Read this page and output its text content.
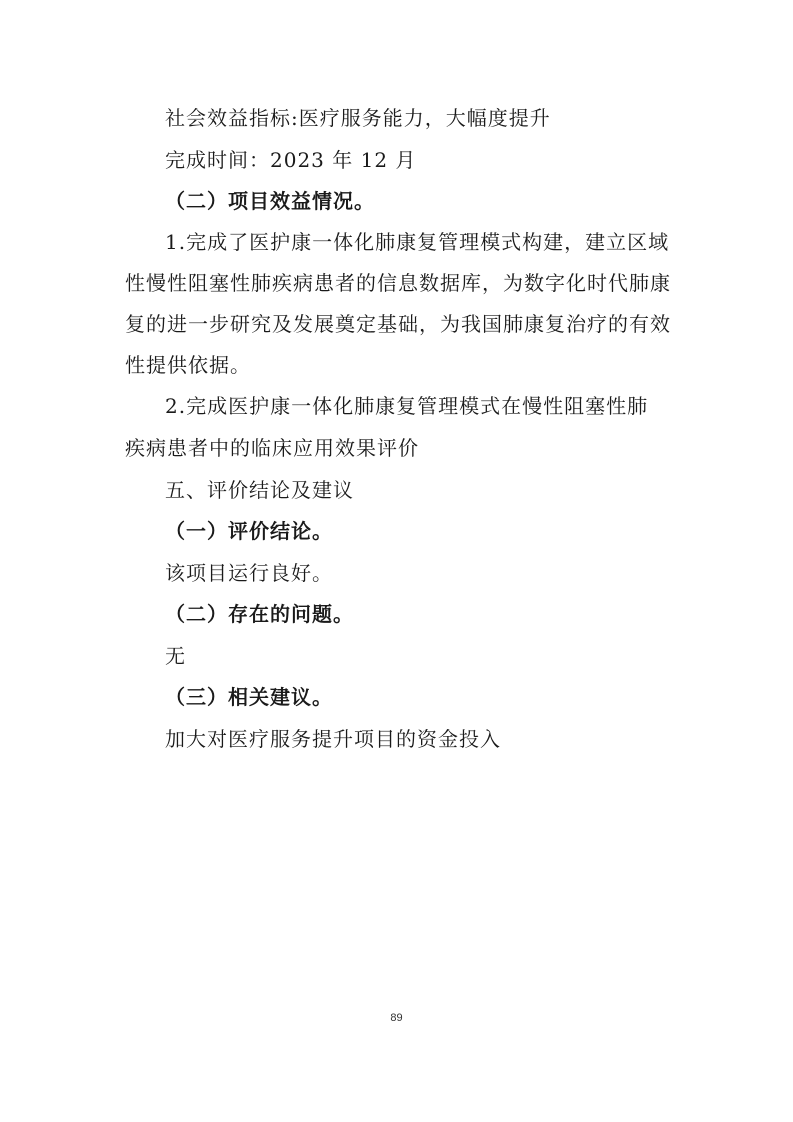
社会效益指标:医疗服务能力，大幅度提升

完成时间：2023 年 12 月

（二）项目效益情况。

1.完成了医护康一体化肺康复管理模式构建，建立区域

性慢性阻塞性肺疾病患者的信息数据库，为数字化时代肺康

复的进一步研究及发展奠定基础，为我国肺康复治疗的有效

性提供依据。

2.完成医护康一体化肺康复管理模式在慢性阻塞性肺

疾病患者中的临床应用效果评价

五、评价结论及建议

（一）评价结论。

该项目运行良好。

（二）存在的问题。

无

（三）相关建议。

加大对医疗服务提升项目的资金投入

89
